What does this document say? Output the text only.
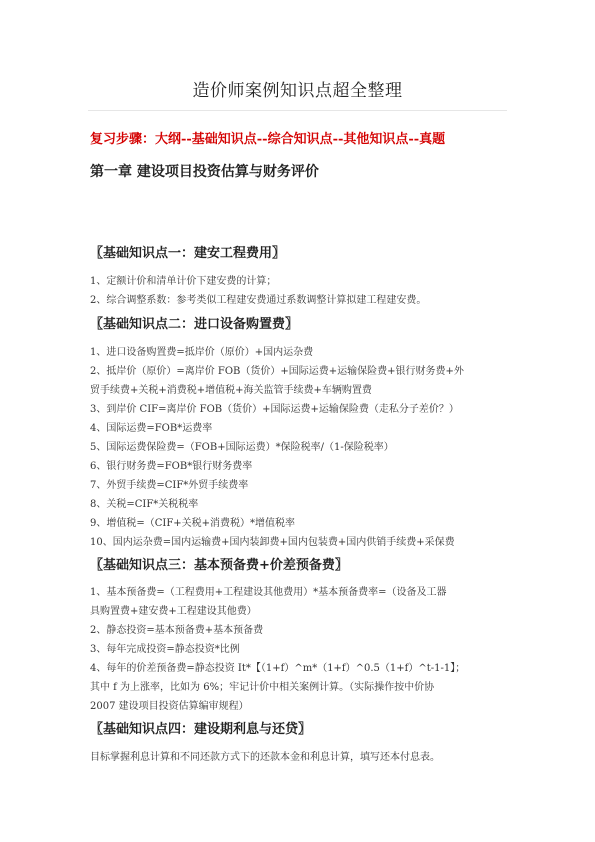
造价师案例知识点超全整理
复习步骤：大纲--基础知识点--综合知识点--其他知识点--真题
第一章 建设项目投资估算与财务评价
〖基础知识点一：建安工程费用〗
1、定额计价和清单计价下建安费的计算；
2、综合调整系数：参考类似工程建安费通过系数调整计算拟建工程建安费。
〖基础知识点二：进口设备购置费〗
1、进口设备购置费=抵岸价（原价）+国内运杂费
2、抵岸价（原价）=离岸价 FOB（货价）+国际运费+运输保险费+银行财务费+外
贸手续费+关税+消费税+增值税+海关监管手续费+车辆购置费
3、到岸价 CIF=离岸价 FOB（货价）+国际运费+运输保险费（走私分子差价？）
4、国际运费=FOB*运费率
5、国际运费保险费=（FOB+国际运费）*保险税率/（1-保险税率）
6、银行财务费=FOB*银行财务费率
7、外贸手续费=CIF*外贸手续费率
8、关税=CIF*关税税率
9、增值税=（CIF+关税+消费税）*增值税率
10、国内运杂费=国内运输费+国内装卸费+国内包装费+国内供销手续费+采保费
〖基础知识点三：基本预备费+价差预备费〗
1、基本预备费=（工程费用+工程建设其他费用）*基本预备费率=（设备及工器
具购置费+建安费+工程建设其他费）
2、静态投资=基本预备费+基本预备费
3、每年完成投资=静态投资*比例
4、每年的价差预备费=静态投资 It*【（1+f）^m*（1+f）^0.5（1+f）^t-1-1】；
其中 f 为上涨率，比如为 6%；牢记计价中相关案例计算。（实际操作按中价协
2007 建设项目投资估算编审规程）
〖基础知识点四：建设期利息与还贷〗
目标掌握利息计算和不同还款方式下的还款本金和利息计算，填写还本付息表。
